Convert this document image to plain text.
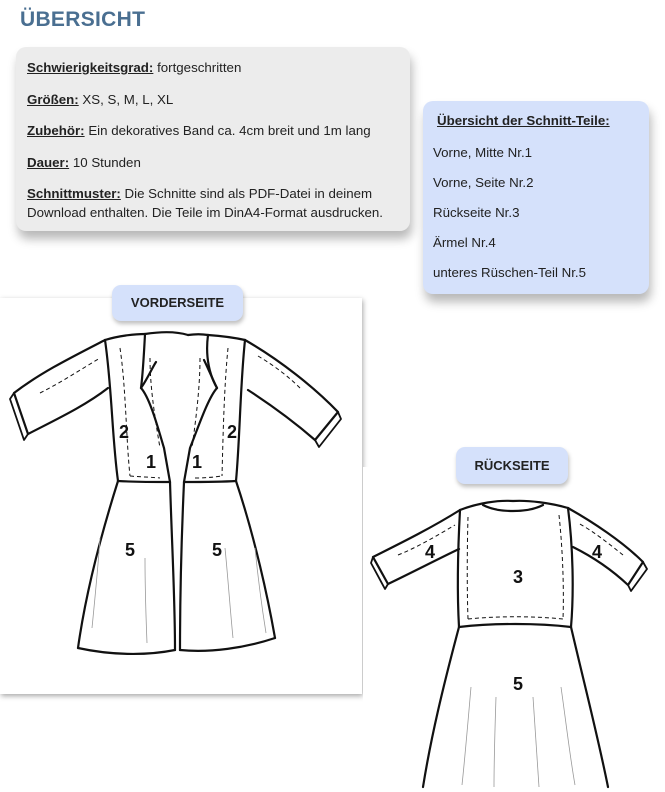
ÜBERSICHT
Schwierigkeitsgrad: fortgeschritten
Größen: XS, S, M, L, XL
Zubehör: Ein dekoratives Band ca. 4cm breit und 1m lang
Dauer: 10 Stunden
Schnittmuster: Die Schnitte sind als PDF-Datei in deinem
Download enthalten. Die Teile im DinA4-Format ausdrucken.
Übersicht der Schnitt-Teile:
Vorne, Mitte Nr.1
Vorne, Seite Nr.2
Rückseite Nr.3
Ärmel Nr.4
unteres Rüschen-Teil Nr.5
2	2
1 1
5	5
VORDERSEITE
4	4
3
5
RÜCKSEITE
